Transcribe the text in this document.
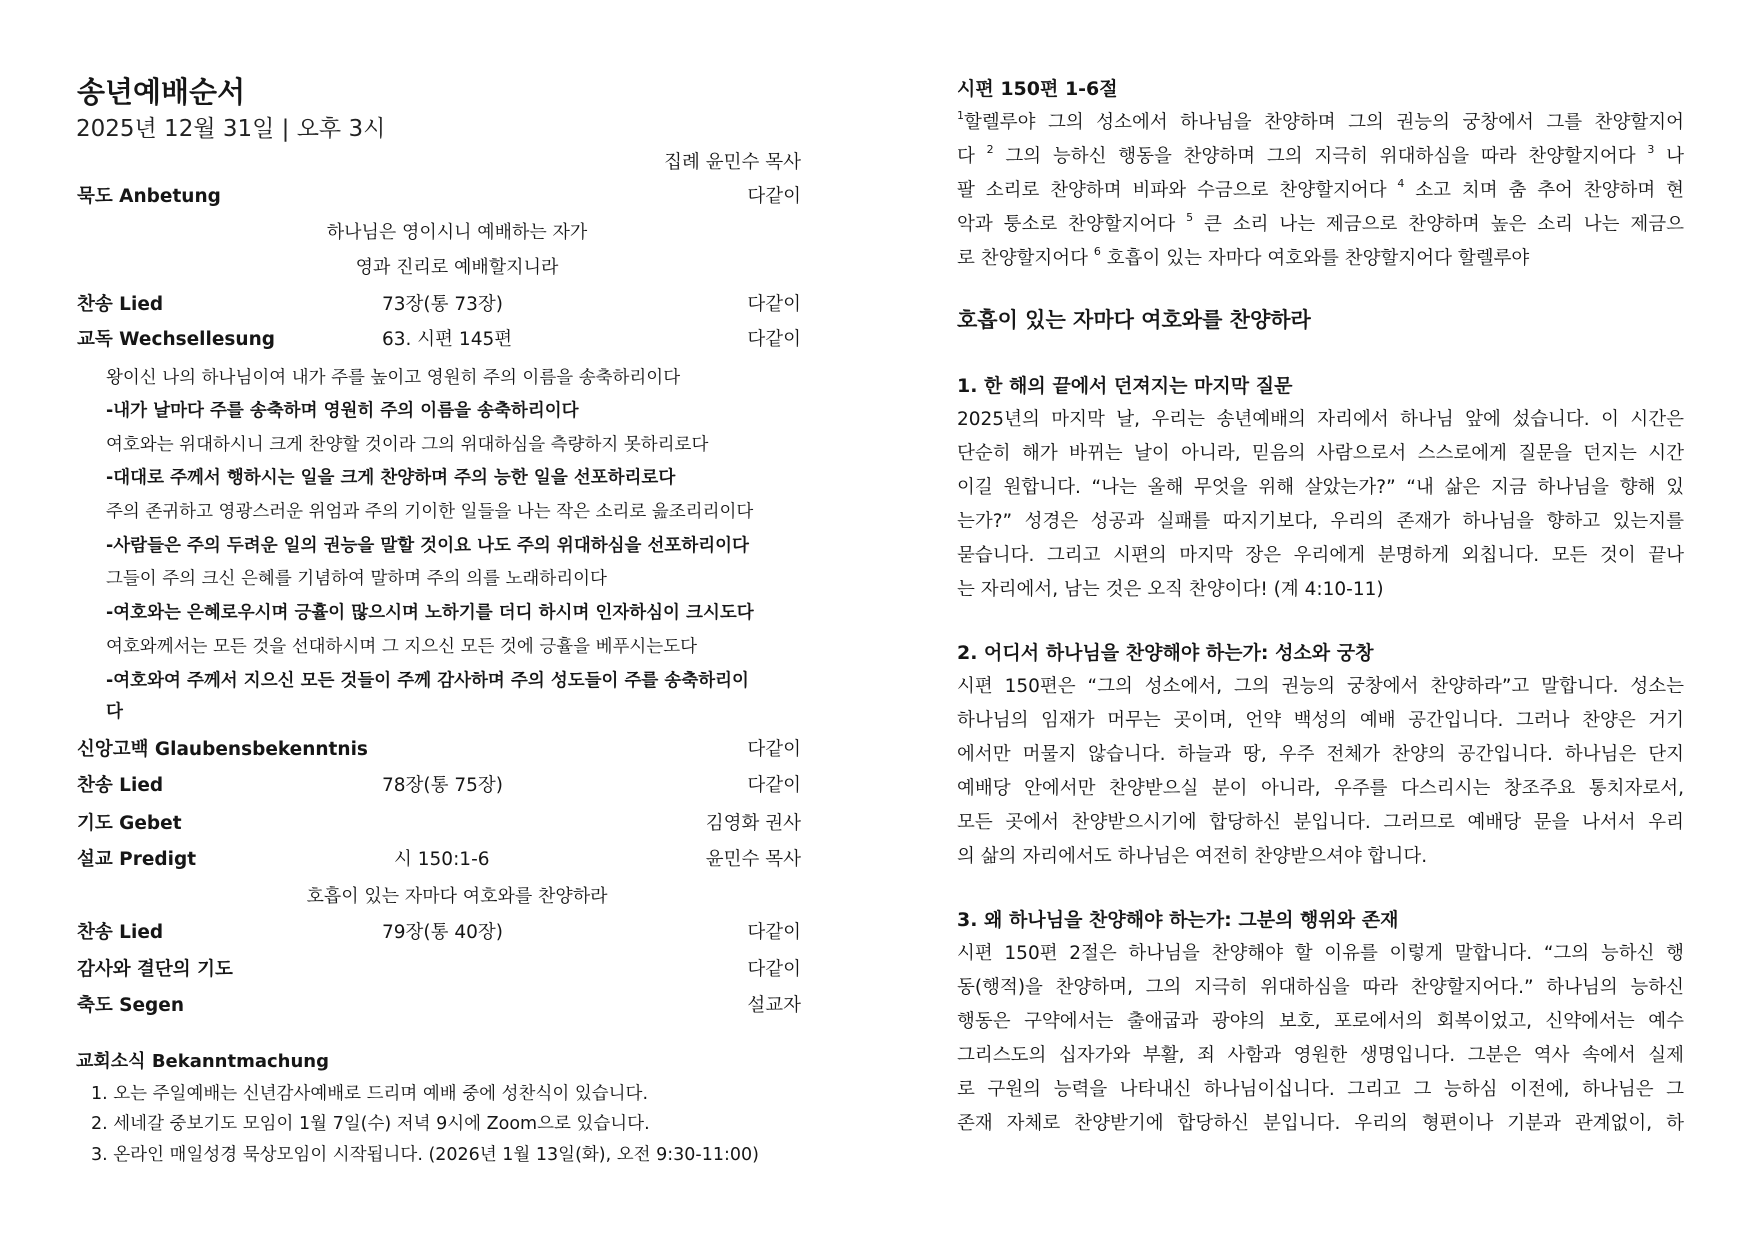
송년예배순서
2025년 12월 31일 | 오후 3시
집례 윤민수 목사
묵도 Anbetung	다같이
하나님은 영이시니 예배하는 자가
영과 진리로 예배할지니라
찬송 Lied	73장(통 73장)	다같이
교독 Wechsellesung	63. 시편 145편	다같이
왕이신 나의 하나님이여 내가 주를 높이고 영원히 주의 이름을 송축하리이다
-내가 날마다 주를 송축하며 영원히 주의 이름을 송축하리이다
여호와는 위대하시니 크게 찬양할 것이라 그의 위대하심을 측량하지 못하리로다
-대대로 주께서 행하시는 일을 크게 찬양하며 주의 능한 일을 선포하리로다
주의 존귀하고 영광스러운 위엄과 주의 기이한 일들을 나는 작은 소리로 읊조리리이다
-사람들은 주의 두려운 일의 권능을 말할 것이요 나도 주의 위대하심을 선포하리이다
그들이 주의 크신 은혜를 기념하여 말하며 주의 의를 노래하리이다
-여호와는 은혜로우시며 긍휼이 많으시며 노하기를 더디 하시며 인자하심이 크시도다
여호와께서는 모든 것을 선대하시며 그 지으신 모든 것에 긍휼을 베푸시는도다
-여호와여 주께서 지으신 모든 것들이 주께 감사하며 주의 성도들이 주를 송축하리이
다
신앙고백 Glaubensbekenntnis	다같이
찬송 Lied	78장(통 75장)	다같이
기도 Gebet	김영화 권사
설교 Predigt	시 150:1-6	윤민수 목사
호흡이 있는 자마다 여호와를 찬양하라
찬송 Lied	79장(통 40장)	다같이
감사와 결단의 기도	다같이
축도 Segen	설교자
교회소식 Bekanntmachung
1. 오는 주일예배는 신년감사예배로 드리며 예배 중에 성찬식이 있습니다.
2. 세네갈 중보기도 모임이 1월 7일(수) 저녁 9시에 Zoom으로 있습니다.
3. 온라인 매일성경 묵상모임이 시작됩니다. (2026년 1월 13일(화), 오전 9:30-11:00)
시편 150편 1-6절
$^1$할렐루야 그의 성소에서 하나님을 찬양하며 그의 권능의 궁창에서 그를 찬양할지어
다 $^2$ 그의 능하신 행동을 찬양하며 그의 지극히 위대하심을 따라 찬양할지어다 $^3$ 나
팔 소리로 찬양하며 비파와 수금으로 찬양할지어다 $^4$ 소고 치며 춤 추어 찬양하며 현
악과 퉁소로 찬양할지어다 $^5$ 큰 소리 나는 제금으로 찬양하며 높은 소리 나는 제금으
로 찬양할지어다 $^6$ 호흡이 있는 자마다 여호와를 찬양할지어다 할렐루야
호흡이 있는 자마다 여호와를 찬양하라
1. 한 해의 끝에서 던져지는 마지막 질문
2025년의 마지막 날, 우리는 송년예배의 자리에서 하나님 앞에 섰습니다. 이 시간은
단순히 해가 바뀌는 날이 아니라, 믿음의 사람으로서 스스로에게 질문을 던지는 시간
이길 원합니다. “나는 올해 무엇을 위해 살았는가?” “내 삶은 지금 하나님을 향해 있
는가?” 성경은 성공과 실패를 따지기보다, 우리의 존재가 하나님을 향하고 있는지를
묻습니다. 그리고 시편의 마지막 장은 우리에게 분명하게 외칩니다. 모든 것이 끝나
는 자리에서, 남는 것은 오직 찬양이다! (계 4:10-11)
2. 어디서 하나님을 찬양해야 하는가: 성소와 궁창
시편 150편은 “그의 성소에서, 그의 권능의 궁창에서 찬양하라”고 말합니다. 성소는
하나님의 임재가 머무는 곳이며, 언약 백성의 예배 공간입니다. 그러나 찬양은 거기
에서만 머물지 않습니다. 하늘과 땅, 우주 전체가 찬양의 공간입니다. 하나님은 단지
예배당 안에서만 찬양받으실 분이 아니라, 우주를 다스리시는 창조주요 통치자로서,
모든 곳에서 찬양받으시기에 합당하신 분입니다. 그러므로 예배당 문을 나서서 우리
의 삶의 자리에서도 하나님은 여전히 찬양받으셔야 합니다.
3. 왜 하나님을 찬양해야 하는가: 그분의 행위와 존재
시편 150편 2절은 하나님을 찬양해야 할 이유를 이렇게 말합니다. “그의 능하신 행
동(행적)을 찬양하며, 그의 지극히 위대하심을 따라 찬양할지어다.” 하나님의 능하신
행동은 구약에서는 출애굽과 광야의 보호, 포로에서의 회복이었고, 신약에서는 예수
그리스도의 십자가와 부활, 죄 사함과 영원한 생명입니다. 그분은 역사 속에서 실제
로 구원의 능력을 나타내신 하나님이십니다. 그리고 그 능하심 이전에, 하나님은 그
존재 자체로 찬양받기에 합당하신 분입니다. 우리의 형편이나 기분과 관계없이, 하
